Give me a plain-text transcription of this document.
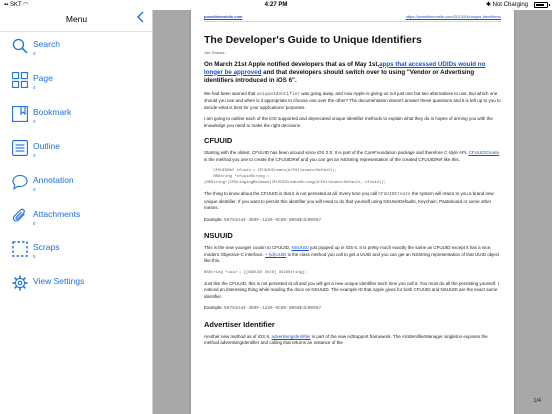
▪▪ SKT ◠	4:27 PM	✱ Not Charging
Menu
Search
0
Page
4
Bookmark
0
Outline
0
Annotation
0
Attachments
0
Scraps
0
View Settings
possiblemobile.com	https://possiblemobile.com/2013/04/unique-identifiers/
The Developer's Guide to Unique Identifiers
Joe Graves
On March 21st Apple notified developers that as of May 1st,apps that accessed UDIDs would no longer be approved and that developers should switch over to using "Vendor or Advertising identifiers introduced in iOS 6".

We had been warned that uniqueIdentifier was going away, and now Apple is giving us not just one but two alternatives to use. But which one should you use and when is it appropriate to choose one over the other? The documentation doesn't answer these questions and it is left up to you to decide what is best for your applications' purposes.

I am going to outline each of the iOS supported and deprecated unique identifier methods to explain what they do in hopes of arming you with the knowledge you need to make the right decisions.

CFUUID

Starting with the oldest, CFUUID has been around since iOS 2.0. It is part of the CoreFoundation package and therefore C style API. CFUUIDCreate is the method you use to create the CFUUIDRef and you can get an NSString representation of the created CFUUIDRef like this.

CFUUIDRef cfuuid = CFUUIDCreate(kCFAllocatorDefault);
NSString *cfuuidString =
(NSString*)CFBridgingRelease(CFUUIDCreateString(kCFAllocatorDefault, cfuuid));

The thing to know about the CFUUID is that it is not persisted at all. Every time you call CFUUIDCreate the system will return to you a brand new unique identifier. If you want to persist this identifier you will need to do that yourself using NSUserDefaults, Keychain, Pasteboard or some other means.

Example: 68753A44-4D6F-1226-9C60-0050E4C00067

NSUUID

This is the new younger cousin to CFUUID. NSUUID just popped up in iOS 6. It is pretty much exactly the same as CFUUID except it has a nice, modern Objective-C interface. + (id)UUID is the class method you call to get a UUID and you can get an NSString representation of that UUID object like this.

NSString *uuid = [[NSUUID UUID] UUIDString];

Just like the CFUUID, this is not persisted at all and you will get a new unique identifier each time you call it. You must do all the persisting yourself. I noticed an interesting thing while reading the docs on NSUUID. The example ID that Apple gives for both CFUUID and NSUUID are the exact same identifier.

Example: 68753A44-4D6F-1226-9C60-0050E4C00067

Advertiser Identifier

Another new method as of iOS 6, advertisingIdentifier is part of the new AdSupport framework. The ASIdentifierManager singleton exposes the method advertisingIdentifier and calling that returns an instance of the

1/4
